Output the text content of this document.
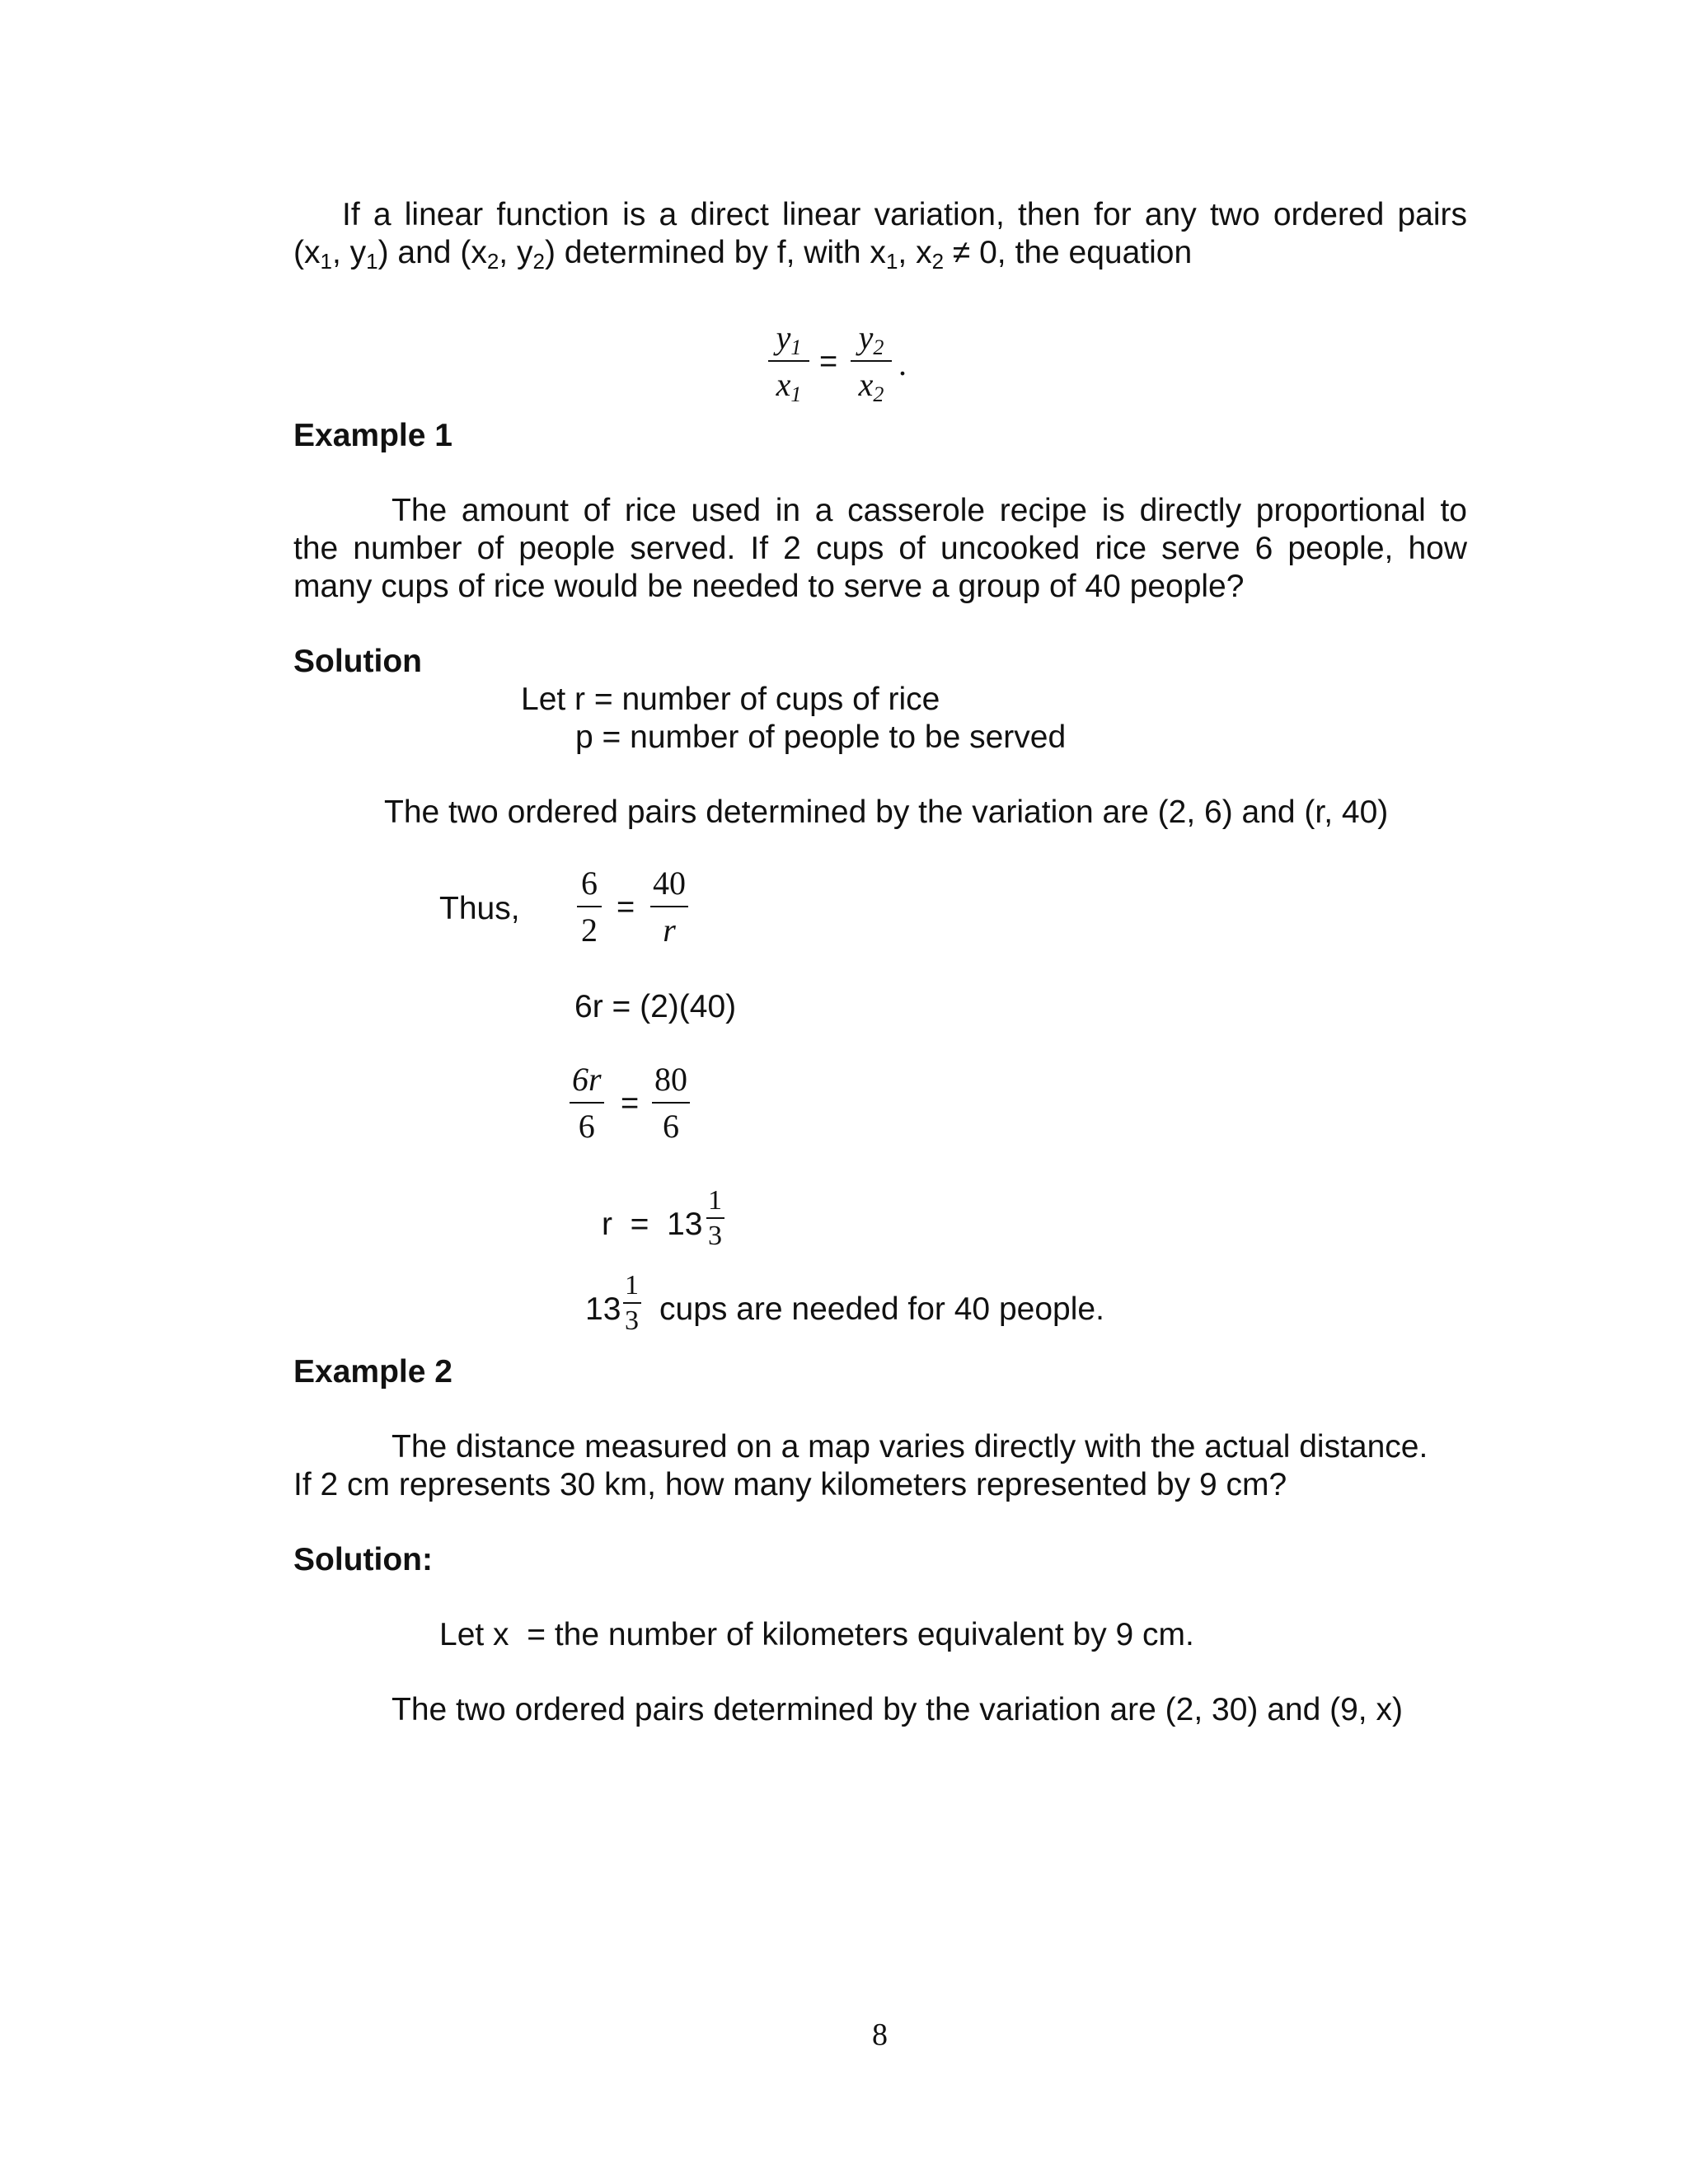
If a linear function is a direct linear variation, then for any two ordered pairs
($x_1$, $y_1$) and ($x_2$, $y_2$) determined by f, with $x_1$, $x_2 \ne 0$, the equation
$y_1$
$x_1$
=
$y_2$
$x_2$
.
Example 1
The amount of rice used in a casserole recipe is directly proportional to
the number of people served. If 2 cups of uncooked rice serve 6 people, how
many cups of rice would be needed to serve a group of 40 people?
Solution
Let r = number of cups of rice
p = number of people to be served
The two ordered pairs determined by the variation are (2, 6) and (r, 40)
Thus,
6
2
=
40
r
6r = (2)(40)
6r
6
=
80
6
r  =  13
1
3
13
1
3 cups are needed for 40 people.
Example 2
The distance measured on a map varies directly with the actual distance.
If 2 cm represents 30 km, how many kilometers represented by 9 cm?
Solution:
Let x  = the number of kilometers equivalent by 9 cm.
The two ordered pairs determined by the variation are (2, 30) and (9, x)
8
